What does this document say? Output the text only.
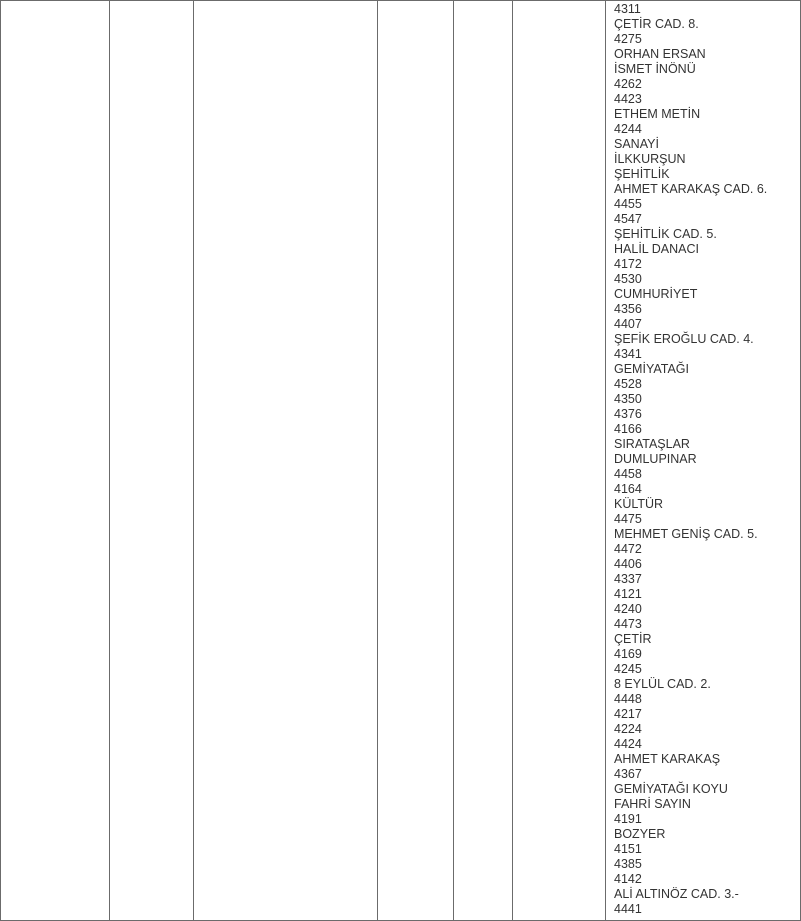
4311
ÇETİR CAD. 8.
4275
ORHAN ERSAN
İSMET İNÖNÜ
4262
4423
ETHEM METİN
4244
SANAYİ
İLKKURŞUN
ŞEHİTLİK
AHMET KARAKAŞ CAD. 6.
4455
4547
ŞEHİTLİK CAD. 5.
HALİL DANACI
4172
4530
CUMHURİYET
4356
4407
ŞEFİK EROĞLU CAD. 4.
4341
GEMİYATAĞI
4528
4350
4376
4166
SIRATAŞLAR
DUMLUPINAR
4458
4164
KÜLTÜR
4475
MEHMET GENİŞ CAD. 5.
4472
4406
4337
4121
4240
4473
ÇETİR
4169
4245
8 EYLÜL CAD. 2.
4448
4217
4224
4424
AHMET KARAKAŞ
4367
GEMİYATAĞI KOYU
FAHRİ SAYIN
4191
BOZYER
4151
4385
4142
ALİ ALTINÖZ CAD. 3.-
4441
